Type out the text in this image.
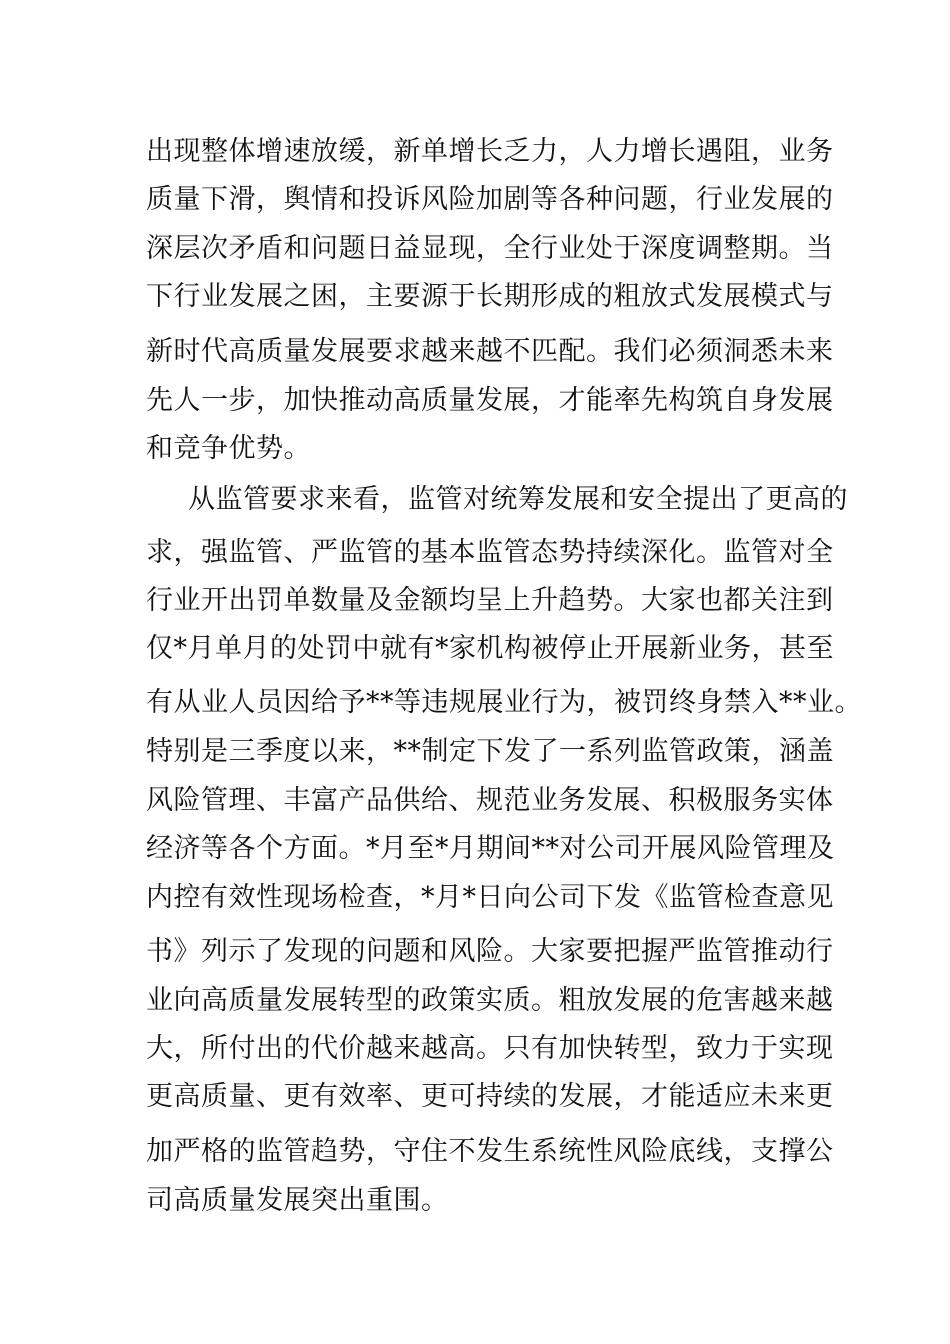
出现整体增速放缓，新单增长乏力，人力增长遇阻，业务
质量下滑，舆情和投诉风险加剧等各种问题，行业发展的
深层次矛盾和问题日益显现，全行业处于深度调整期。当
下行业发展之困，主要源于长期形成的粗放式发展模式与
新时代高质量发展要求越来越不匹配。我们必须洞悉未来
先人一步，加快推动高质量发展，才能率先构筑自身发展
和竞争优势。
从监管要求来看，监管对统筹发展和安全提出了更高的
求，强监管、严监管的基本监管态势持续深化。监管对全
行业开出罚单数量及金额均呈上升趋势。大家也都关注到
仅*月单月的处罚中就有*家机构被停止开展新业务，甚至
有从业人员因给予**等违规展业行为，被罚终身禁入**业。
特别是三季度以来，**制定下发了一系列监管政策，涵盖
风险管理、丰富产品供给、规范业务发展、积极服务实体
经济等各个方面。*月至*月期间**对公司开展风险管理及
内控有效性现场检查，*月*日向公司下发《监管检查意见
书》列示了发现的问题和风险。大家要把握严监管推动行
业向高质量发展转型的政策实质。粗放发展的危害越来越
大，所付出的代价越来越高。只有加快转型，致力于实现
更高质量、更有效率、更可持续的发展，才能适应未来更
加严格的监管趋势，守住不发生系统性风险底线，支撑公
司高质量发展突出重围。
